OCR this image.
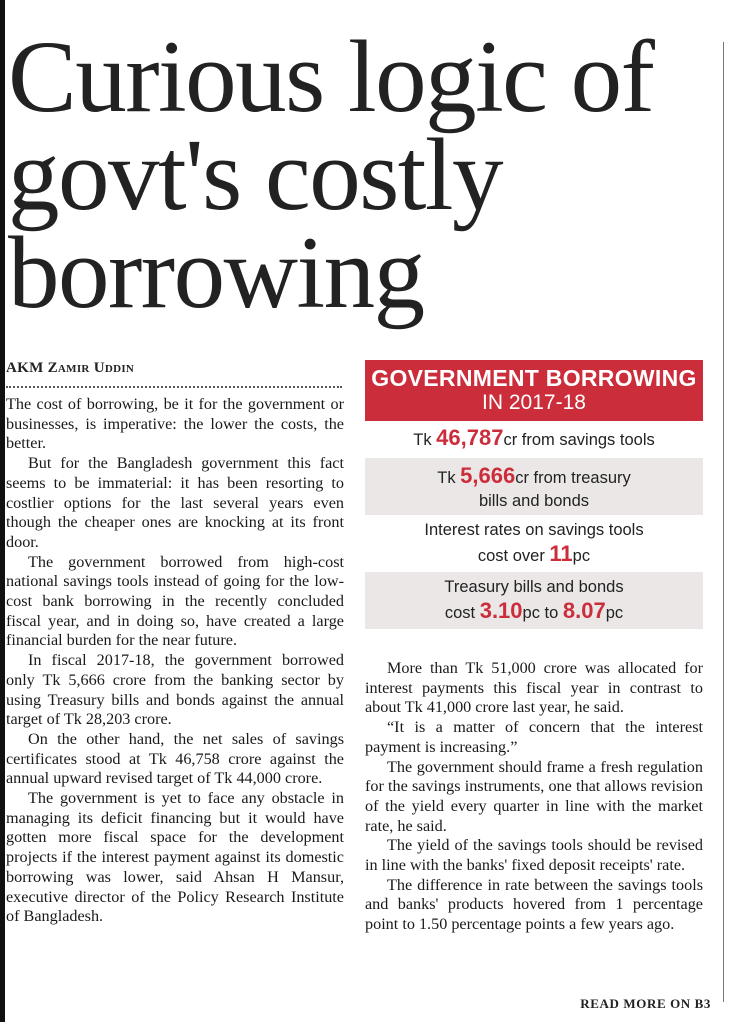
Curious logic of govt's costly borrowing
AKM Zamir Uddin

The cost of borrowing, be it for the government or businesses, is imperative: the lower the costs, the better.

But for the Bangladesh government this fact seems to be immaterial: it has been resorting to costlier options for the last several years even though the cheaper ones are knocking at its front door.

The government borrowed from high-cost national savings tools instead of going for the low-cost bank borrowing in the recently concluded fiscal year, and in doing so, have created a large financial burden for the near future.

In fiscal 2017-18, the government borrowed only Tk 5,666 crore from the banking sector by using Treasury bills and bonds against the annual target of Tk 28,203 crore.

On the other hand, the net sales of savings certificates stood at Tk 46,758 crore against the annual upward revised target of Tk 44,000 crore.

The government is yet to face any obstacle in managing its deficit financing but it would have gotten more fiscal space for the development projects if the interest payment against its domestic borrowing was lower, said Ahsan H Mansur, executive director of the Policy Research Institute of Bangladesh.

GOVERNMENT BORROWING
IN 2017-18
Tk 46,787cr from savings tools
Tk 5,666cr from treasury
bills and bonds
Interest rates on savings tools
cost over 11pc
Treasury bills and bonds
cost 3.10pc to 8.07pc

More than Tk 51,000 crore was allocated for interest payments this fiscal year in contrast to about Tk 41,000 crore last year, he said.

“It is a matter of concern that the interest payment is increasing.”

The government should frame a fresh regulation for the savings instruments, one that allows revision of the yield every quarter in line with the market rate, he said.

The yield of the savings tools should be revised in line with the banks' fixed deposit receipts' rate.

The difference in rate between the savings tools and banks' products hovered from 1 percentage point to 1.50 percentage points a few years ago.

READ MORE ON B3
